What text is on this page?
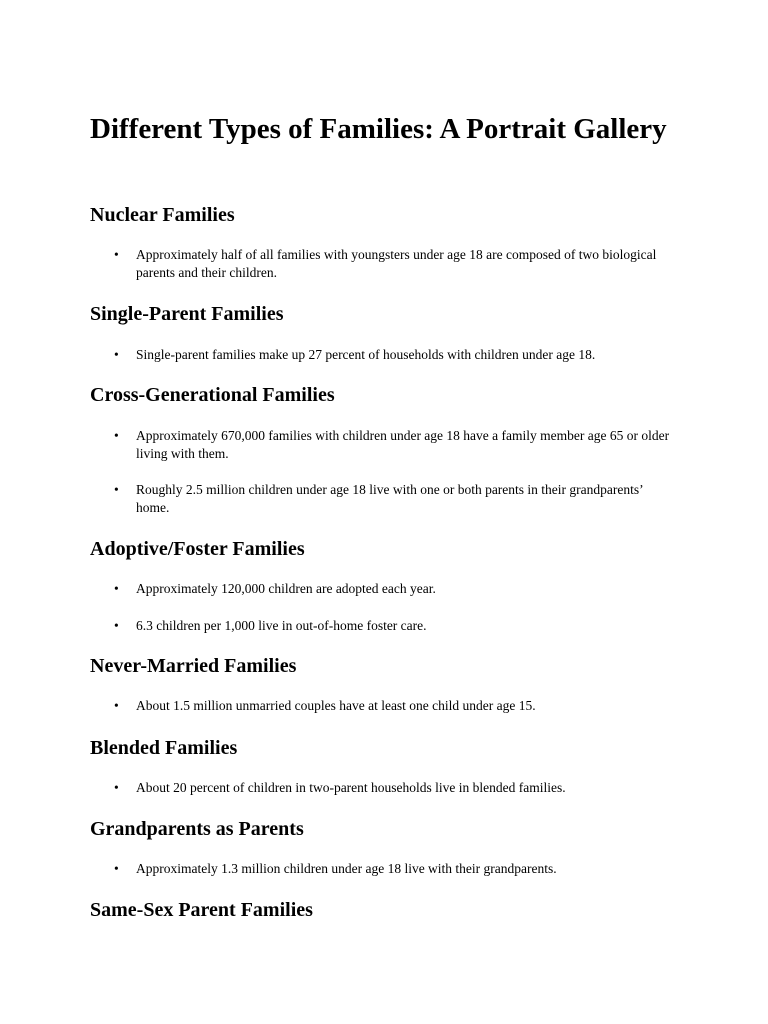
Different Types of Families: A Portrait Gallery
Nuclear Families
• Approximately half of all families with youngsters under age 18 are composed of two biological parents and their children.

Single-Parent Families
• Single-parent families make up 27 percent of households with children under age 18.

Cross-Generational Families
• Approximately 670,000 families with children under age 18 have a family member age 65 or older living with them.

• Roughly 2.5 million children under age 18 live with one or both parents in their grandparents’ home.

Adoptive/Foster Families
• Approximately 120,000 children are adopted each year.

• 6.3 children per 1,000 live in out-of-home foster care.

Never-Married Families
• About 1.5 million unmarried couples have at least one child under age 15.

Blended Families
• About 20 percent of children in two-parent households live in blended families.

Grandparents as Parents
• Approximately 1.3 million children under age 18 live with their grandparents.

Same-Sex Parent Families
